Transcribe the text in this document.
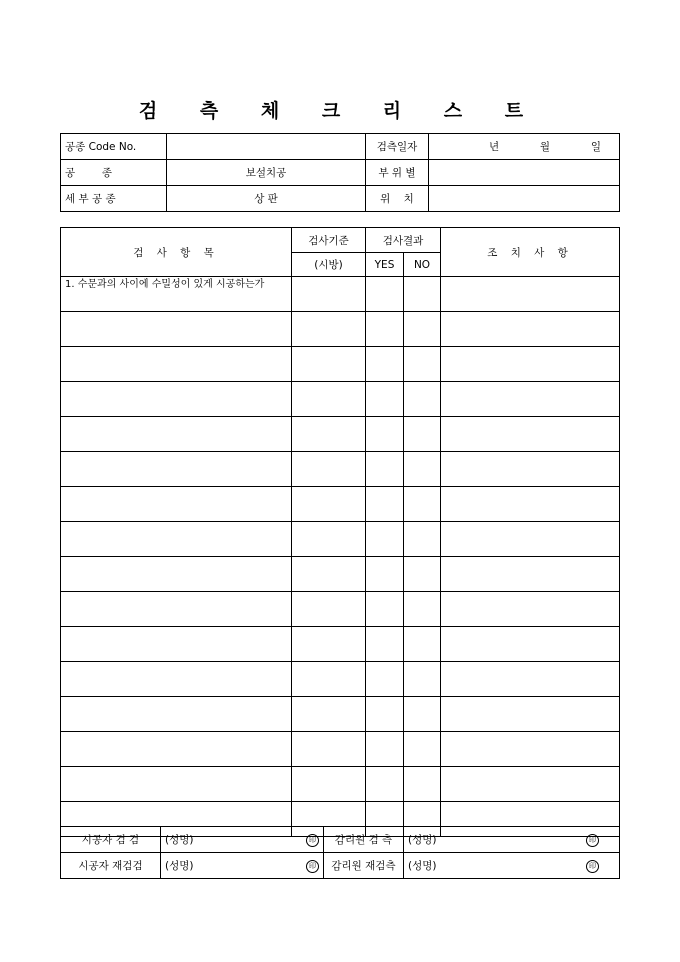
검 측 체 크 리 스 트
공종 Code No.		검측일자	년 월 일

공        종	보설치공	부 위 별	
세 부 공 종	상 판	위    치	
검 사 항 목	검사기준	검사결과		조 치 사 항
	(시방)	YES	NO	
1. 수문과의 사이에 수밀성이 있게 시공하는가				

시공자 검 검	(성명) 印	감리원 검 측	(성명) 印

시공자 재검검	(성명) 印	감리원 재검측	(성명) 印
